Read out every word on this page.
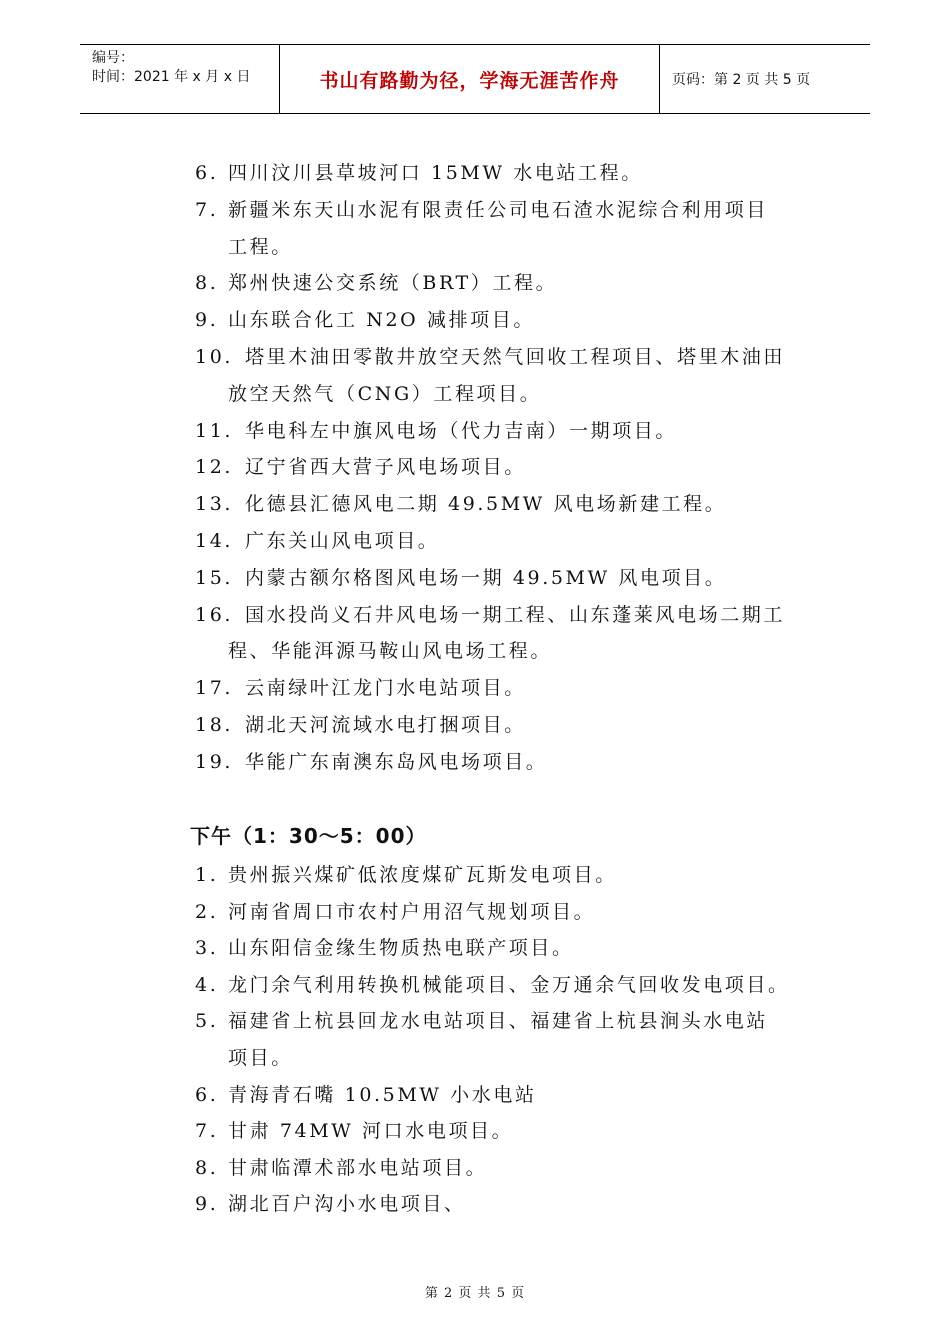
编号：
时间：2021 年 x 月 x 日	书山有路勤为径，学海无涯苦作舟	页码：第 2 页 共 5 页
6. 四川汶川县草坡河口 15MW 水电站工程。
7. 新疆米东天山水泥有限责任公司电石渣水泥综合利用项目
工程。
8. 郑州快速公交系统（BRT）工程。
9. 山东联合化工 N2O 减排项目。
10. 塔里木油田零散井放空天然气回收工程项目、塔里木油田
放空天然气（CNG）工程项目。
11. 华电科左中旗风电场（代力吉南）一期项目。
12. 辽宁省西大营子风电场项目。
13. 化德县汇德风电二期 49.5MW 风电场新建工程。
14. 广东关山风电项目。
15. 内蒙古额尔格图风电场一期 49.5MW 风电项目。
16. 国水投尚义石井风电场一期工程、山东蓬莱风电场二期工
程、华能洱源马鞍山风电场工程。
17. 云南绿叶江龙门水电站项目。
18. 湖北天河流域水电打捆项目。
19. 华能广东南澳东岛风电场项目。
1. 贵州振兴煤矿低浓度煤矿瓦斯发电项目。
2. 河南省周口市农村户用沼气规划项目。
3. 山东阳信金缘生物质热电联产项目。
4. 龙门余气利用转换机械能项目、金万通余气回收发电项目。
5. 福建省上杭县回龙水电站项目、福建省上杭县涧头水电站
项目。
6. 青海青石嘴 10.5MW 小水电站
7. 甘肃 74MW 河口水电项目。
8. 甘肃临潭术部水电站项目。
9. 湖北百户沟小水电项目、
下午（1：30～5：00）
第 2 页 共 5 页
